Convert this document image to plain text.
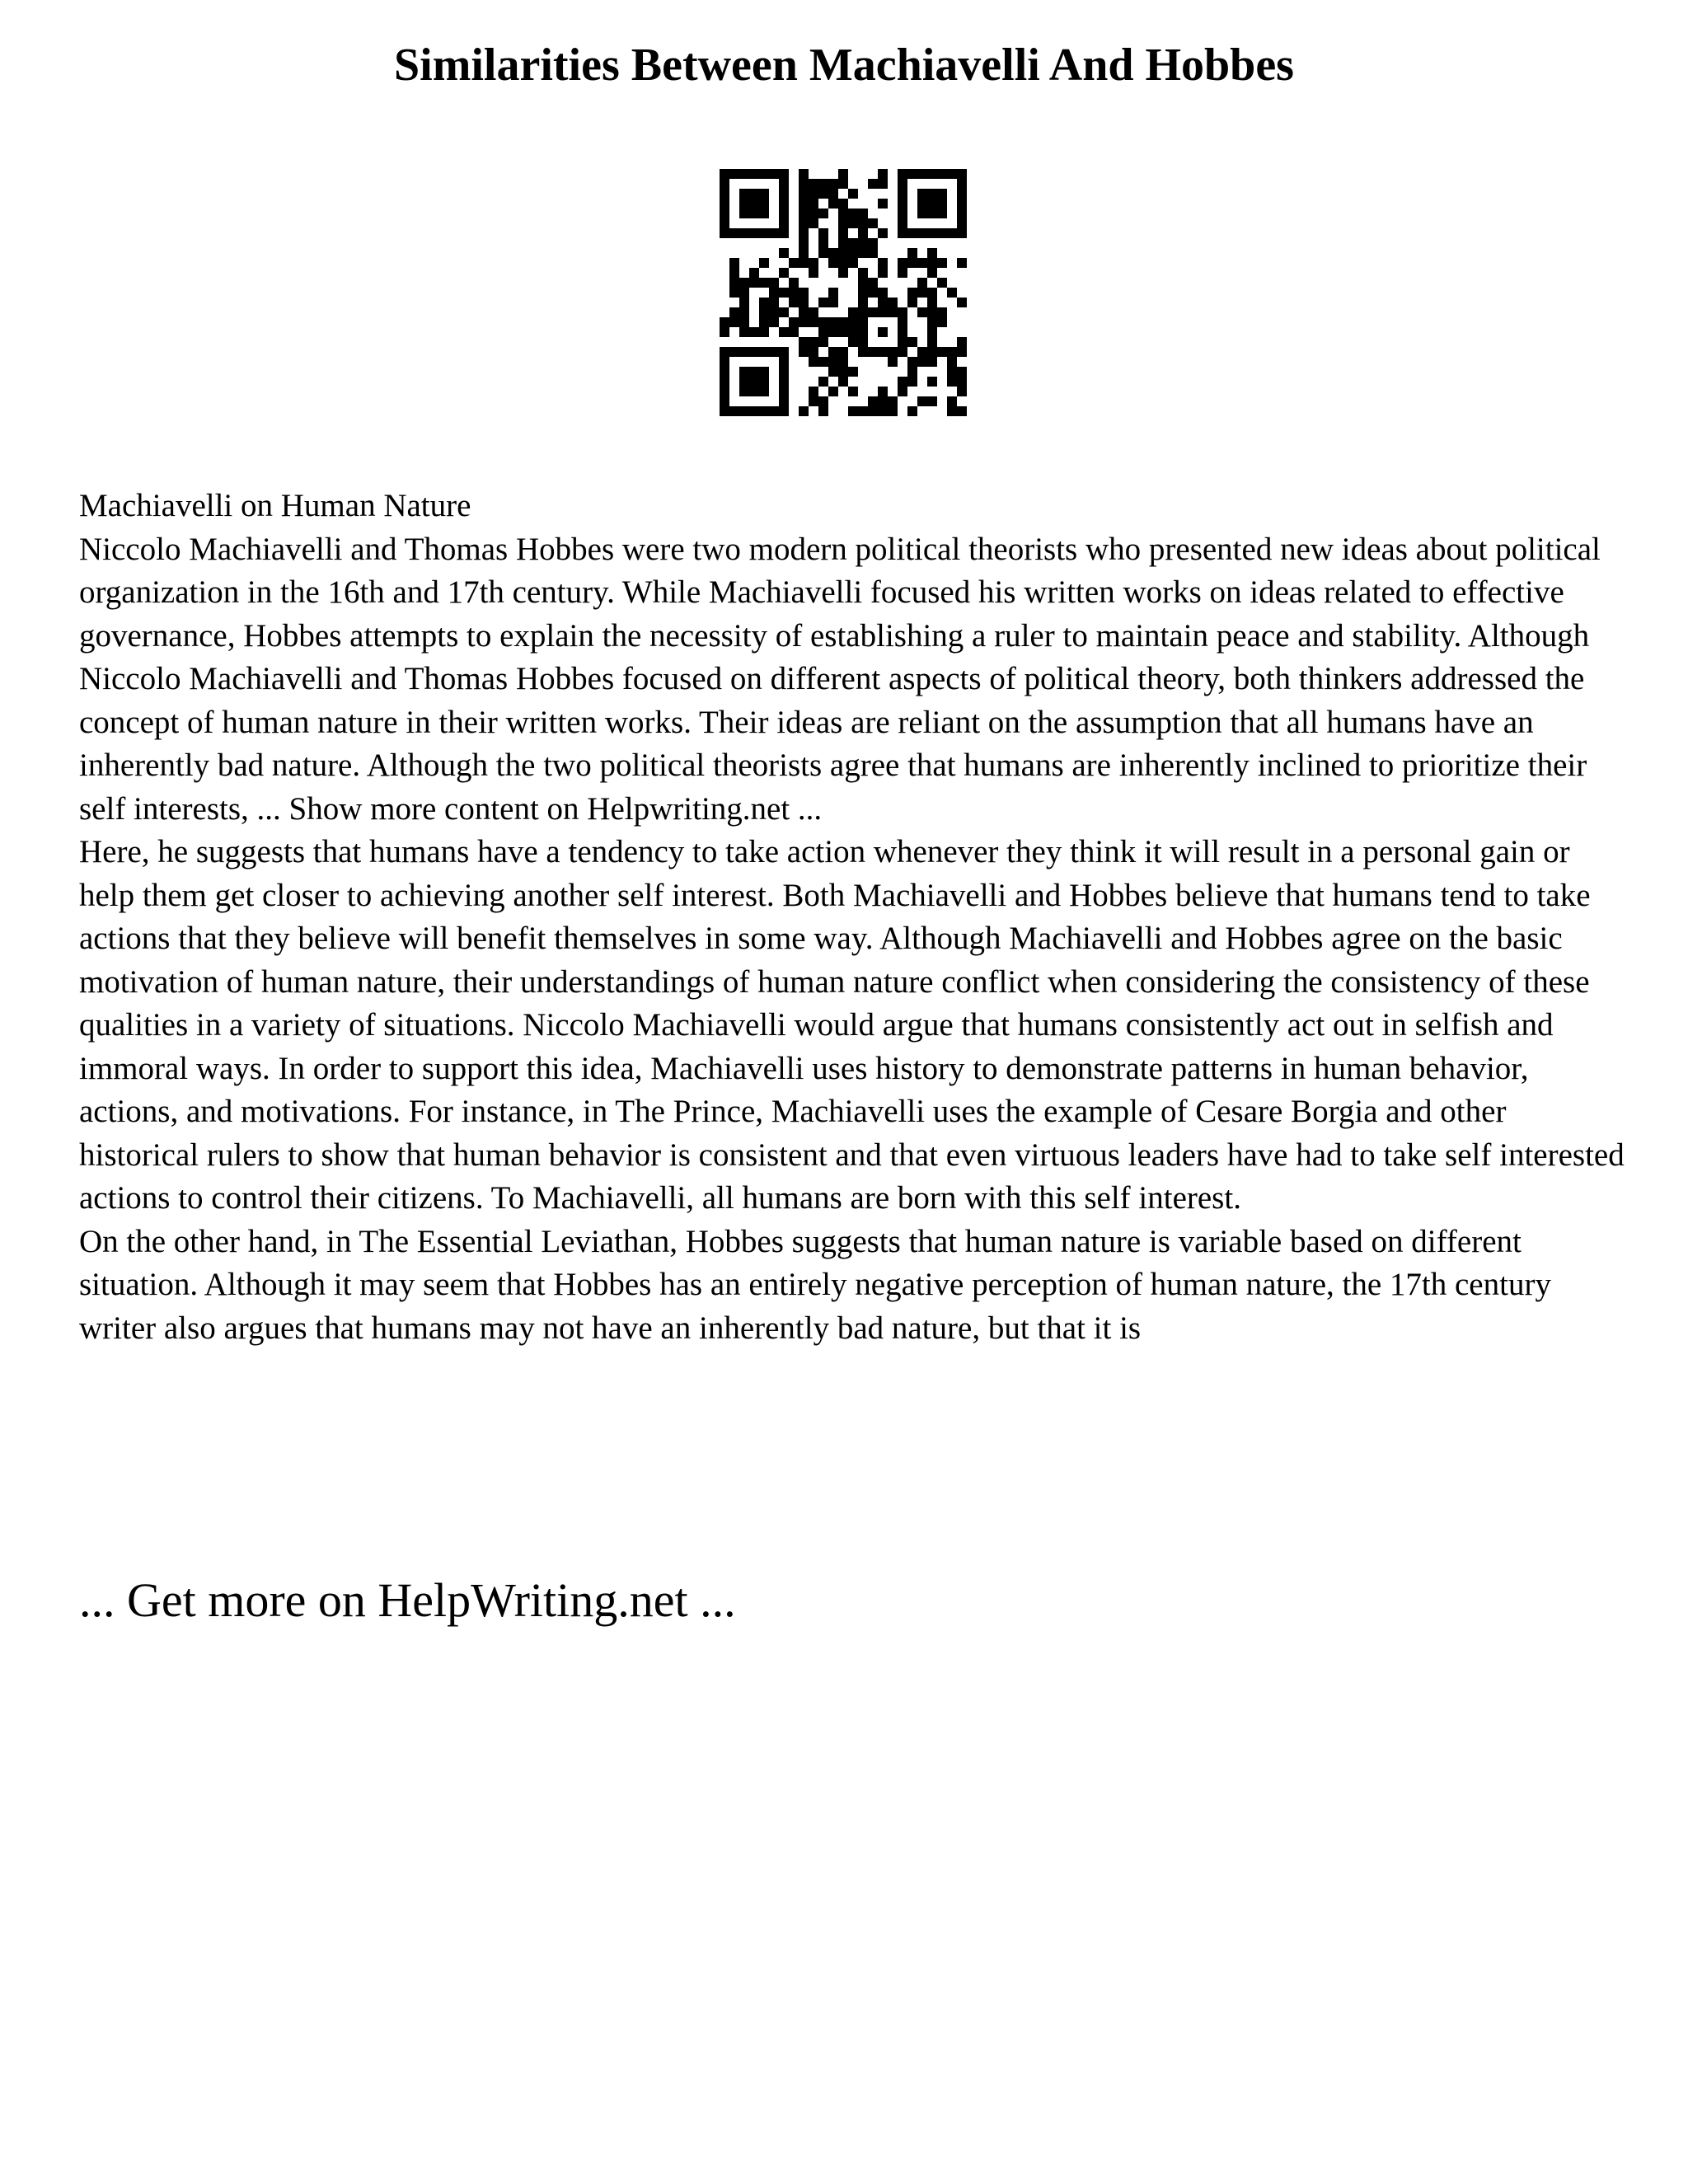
Similarities Between Machiavelli And Hobbes

Machiavelli on Human Nature

Niccolo Machiavelli and Thomas Hobbes were two modern political theorists who presented new ideas about political organization in the 16th and 17th century. While Machiavelli focused his written works on ideas related to effective governance, Hobbes attempts to explain the necessity of establishing a ruler to maintain peace and stability. Although Niccolo Machiavelli and Thomas Hobbes focused on different aspects of political theory, both thinkers addressed the concept of human nature in their written works. Their ideas are reliant on the assumption that all humans have an inherently bad nature. Although the two political theorists agree that humans are inherently inclined to prioritize their self interests, ... Show more content on Helpwriting.net ...

Here, he suggests that humans have a tendency to take action whenever they think it will result in a personal gain or help them get closer to achieving another self interest. Both Machiavelli and Hobbes believe that humans tend to take actions that they believe will benefit themselves in some way. Although Machiavelli and Hobbes agree on the basic motivation of human nature, their understandings of human nature conflict when considering the consistency of these qualities in a variety of situations. Niccolo Machiavelli would argue that humans consistently act out in selfish and immoral ways. In order to support this idea, Machiavelli uses history to demonstrate patterns in human behavior, actions, and motivations. For instance, in The Prince, Machiavelli uses the example of Cesare Borgia and other historical rulers to show that human behavior is consistent and that even virtuous leaders have had to take self interested actions to control their citizens. To Machiavelli, all humans are born with this self interest.

On the other hand, in The Essential Leviathan, Hobbes suggests that human nature is variable based on different situation. Although it may seem that Hobbes has an entirely negative perception of human nature, the 17th century writer also argues that humans may not have an inherently bad nature, but that it is

... Get more on HelpWriting.net ...
